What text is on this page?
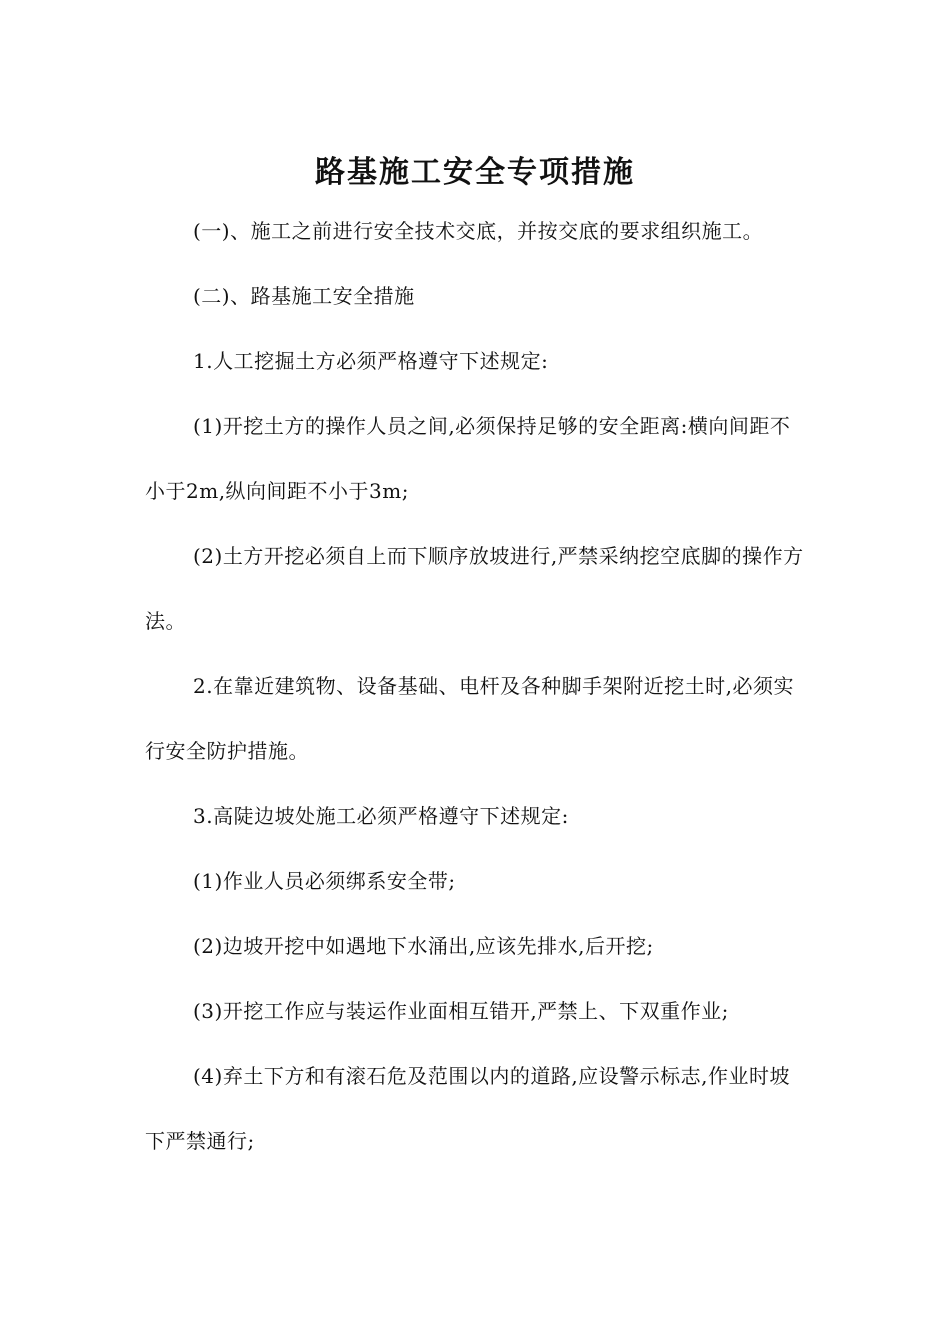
路基施工安全专项措施

(一)、施工之前进行安全技术交底，并按交底的要求组织施工。

(二)、路基施工安全措施

1.人工挖掘土方必须严格遵守下述规定:

(1)开挖土方的操作人员之间,必须保持足够的安全距离:横向间距不小于2m,纵向间距不小于3m;

(2)土方开挖必须自上而下顺序放坡进行,严禁采纳挖空底脚的操作方法。

2.在靠近建筑物、设备基础、电杆及各种脚手架附近挖土时,必须实行安全防护措施。

3.高陡边坡处施工必须严格遵守下述规定:

(1)作业人员必须绑系安全带;

(2)边坡开挖中如遇地下水涌出,应该先排水,后开挖;

(3)开挖工作应与装运作业面相互错开,严禁上、下双重作业;

(4)弃土下方和有滚石危及范围以内的道路,应设警示标志,作业时坡下严禁通行;
